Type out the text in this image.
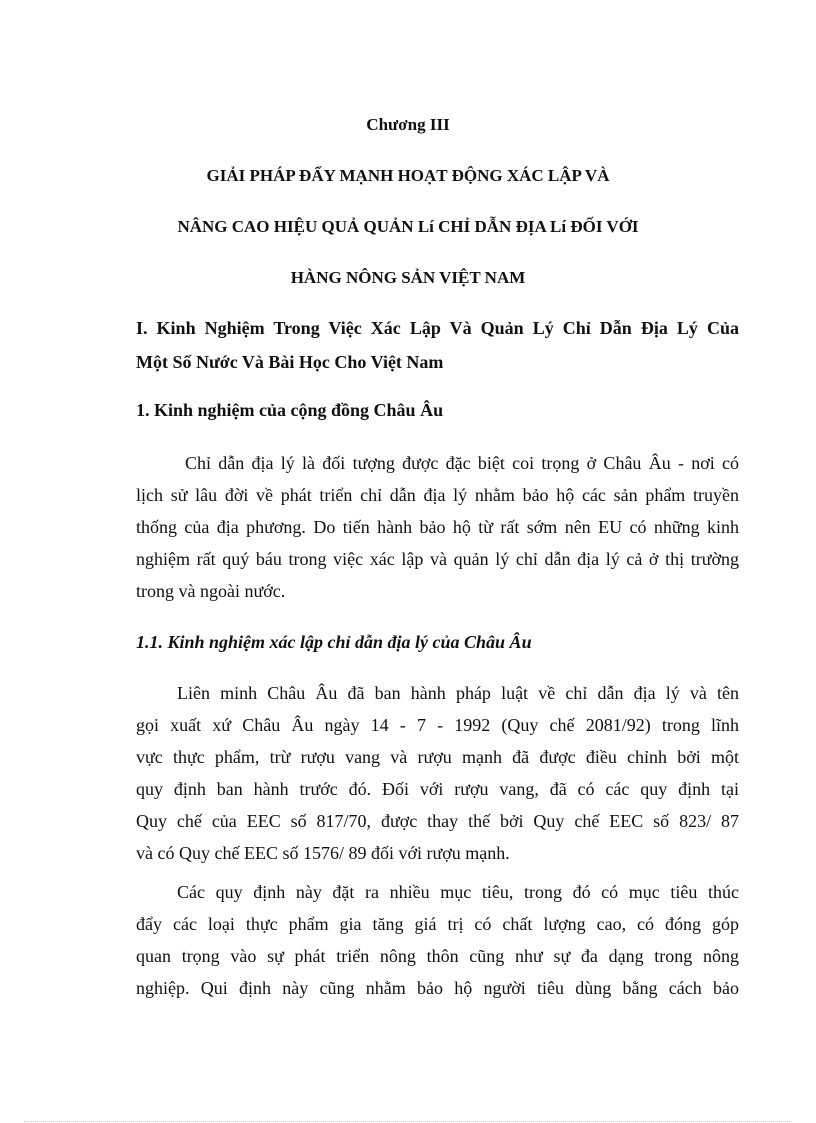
Chương III
GIẢI PHÁP ĐẨY MẠNH HOẠT ĐỘNG XÁC LẬP VÀ
NÂNG CAO HIỆU QUẢ QUẢN Lí CHỈ DẪN ĐỊA Lí ĐỐI VỚI
HÀNG NÔNG SẢN VIỆT NAM
I. Kinh Nghiệm Trong Việc Xác Lập Và Quản Lý Chỉ Dẫn Địa Lý Của
Một Số Nước Và Bài Học Cho Việt Nam
1. Kinh nghiệm của cộng đồng Châu Âu
Chỉ dẫn địa lý là đối tượng được đặc biệt coi trọng ở Châu Âu - nơi có
lịch sử lâu đời về phát triển chỉ dẫn địa lý nhằm bảo hộ các sản phẩm truyền
thống của địa phương. Do tiến hành bảo hộ từ rất sớm nên EU có những kinh
nghiệm rất quý báu trong việc xác lập và quản lý chỉ dẫn địa lý cả ở thị trường
trong và ngoài nước.
1.1. Kinh nghiệm xác lập chỉ dẫn địa lý của Châu Âu
Liên minh Châu Âu đã ban hành pháp luật về chỉ dẫn địa lý và tên
gọi xuất xứ Châu Âu ngày 14 - 7 - 1992 (Quy chế 2081/92) trong lĩnh
vực thực phẩm, trừ rượu vang và rượu mạnh đã được điều chỉnh bởi một
quy định ban hành trước đó. Đối với rượu vang, đã có các quy định tại
Quy chế của EEC số 817/70, được thay thế bởi Quy chế EEC số 823/ 87
và có Quy chế EEC số 1576/ 89 đối với rượu mạnh.
Các quy định này đặt ra nhiều mục tiêu, trong đó có mục tiêu thúc
đẩy các loại thực phẩm gia tăng giá trị có chất lượng cao, có đóng góp
quan trọng vào sự phát triển nông thôn cũng như sự đa dạng trong nông
nghiệp. Qui định này cũng nhằm bảo hộ người tiêu dùng bằng cách bảo
